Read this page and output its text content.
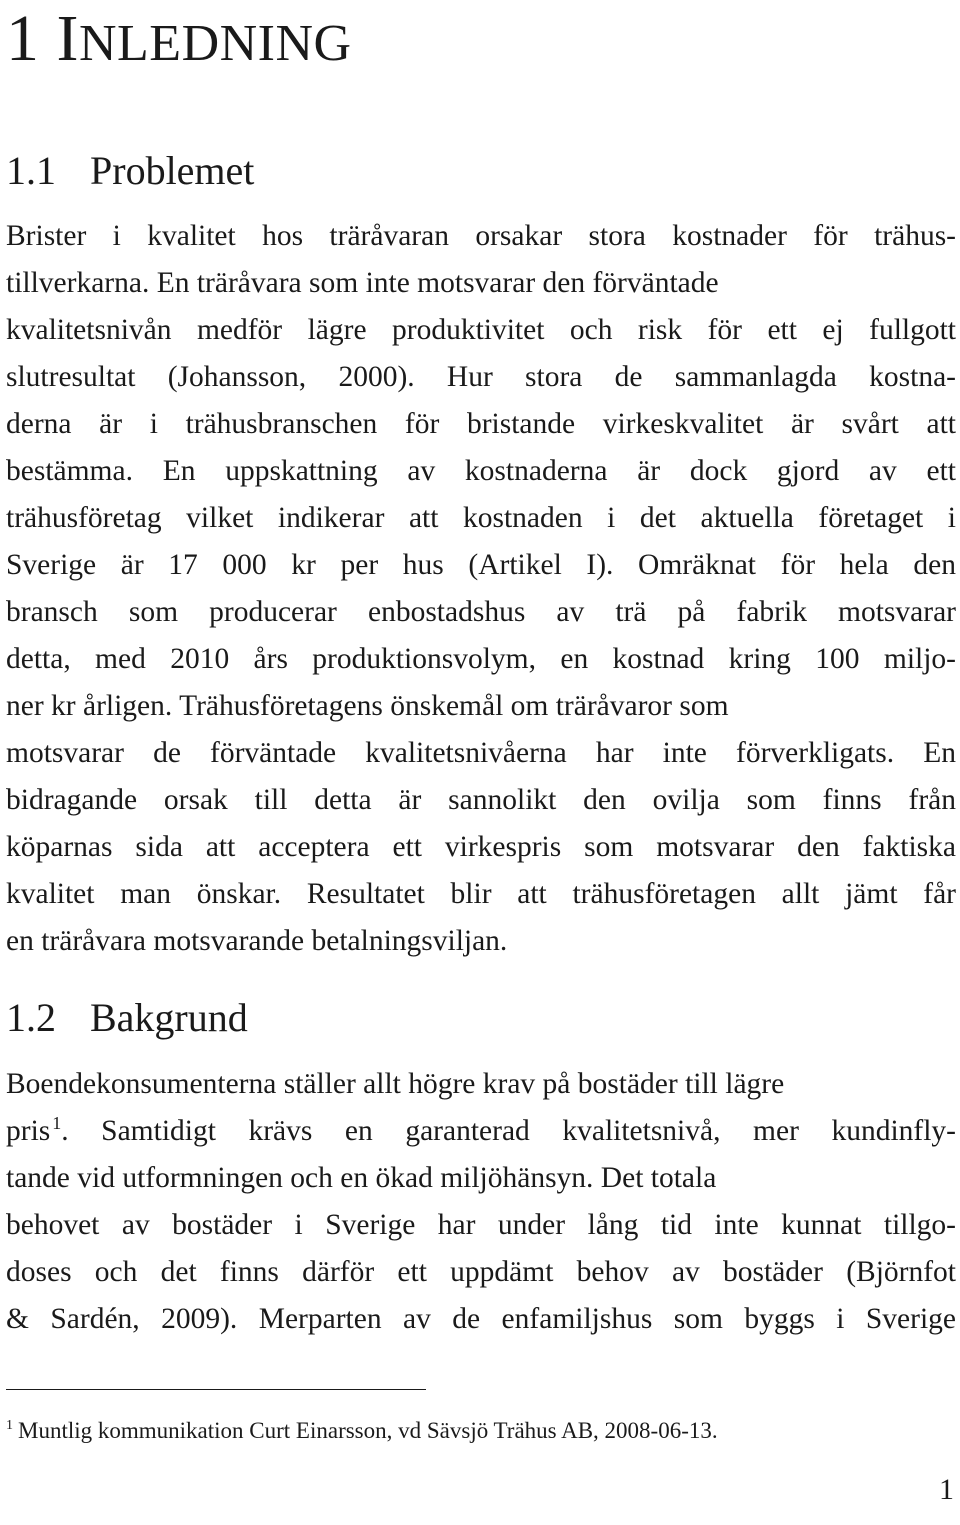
1 INLEDNING
1.1 Problemet
Brister i kvalitet hos träråvaran orsakar stora kostnader för trähus-
tillverkarna. En träråvara som inte motsvarar den förväntade
kvalitetsnivån medför lägre produktivitet och risk för ett ej fullgott
slutresultat (Johansson, 2000). Hur stora de sammanlagda kostna-
derna är i trähusbranschen för bristande virkeskvalitet är svårt att
bestämma. En uppskattning av kostnaderna är dock gjord av ett
trähusföretag vilket indikerar att kostnaden i det aktuella företaget i
Sverige är 17 000 kr per hus (Artikel I). Omräknat för hela den
bransch som producerar enbostadshus av trä på fabrik motsvarar
detta, med 2010 års produktionsvolym, en kostnad kring 100 miljo-
ner kr årligen. Trähusföretagens önskemål om träråvaror som
motsvarar de förväntade kvalitetsnivåerna har inte förverkligats. En
bidragande orsak till detta är sannolikt den ovilja som finns från
köparnas sida att acceptera ett virkespris som motsvarar den faktiska
kvalitet man önskar. Resultatet blir att trähusföretagen allt jämt får
en träråvara motsvarande betalningsviljan.
1.2 Bakgrund
Boendekonsumenterna ställer allt högre krav på bostäder till lägre
pris $^1$. Samtidigt krävs en garanterad kvalitetsnivå, mer kundinfly-
tande vid utformningen och en ökad miljöhänsyn. Det totala
behovet av bostäder i Sverige har under lång tid inte kunnat tillgo-
doses och det finns därför ett uppdämt behov av bostäder (Björnfot
& Sardén, 2009). Merparten av de enfamiljshus som byggs i Sverige

$^1$ Muntlig kommunikation Curt Einarsson, vd Sävsjö Trähus AB, 2008-06-13.

1
